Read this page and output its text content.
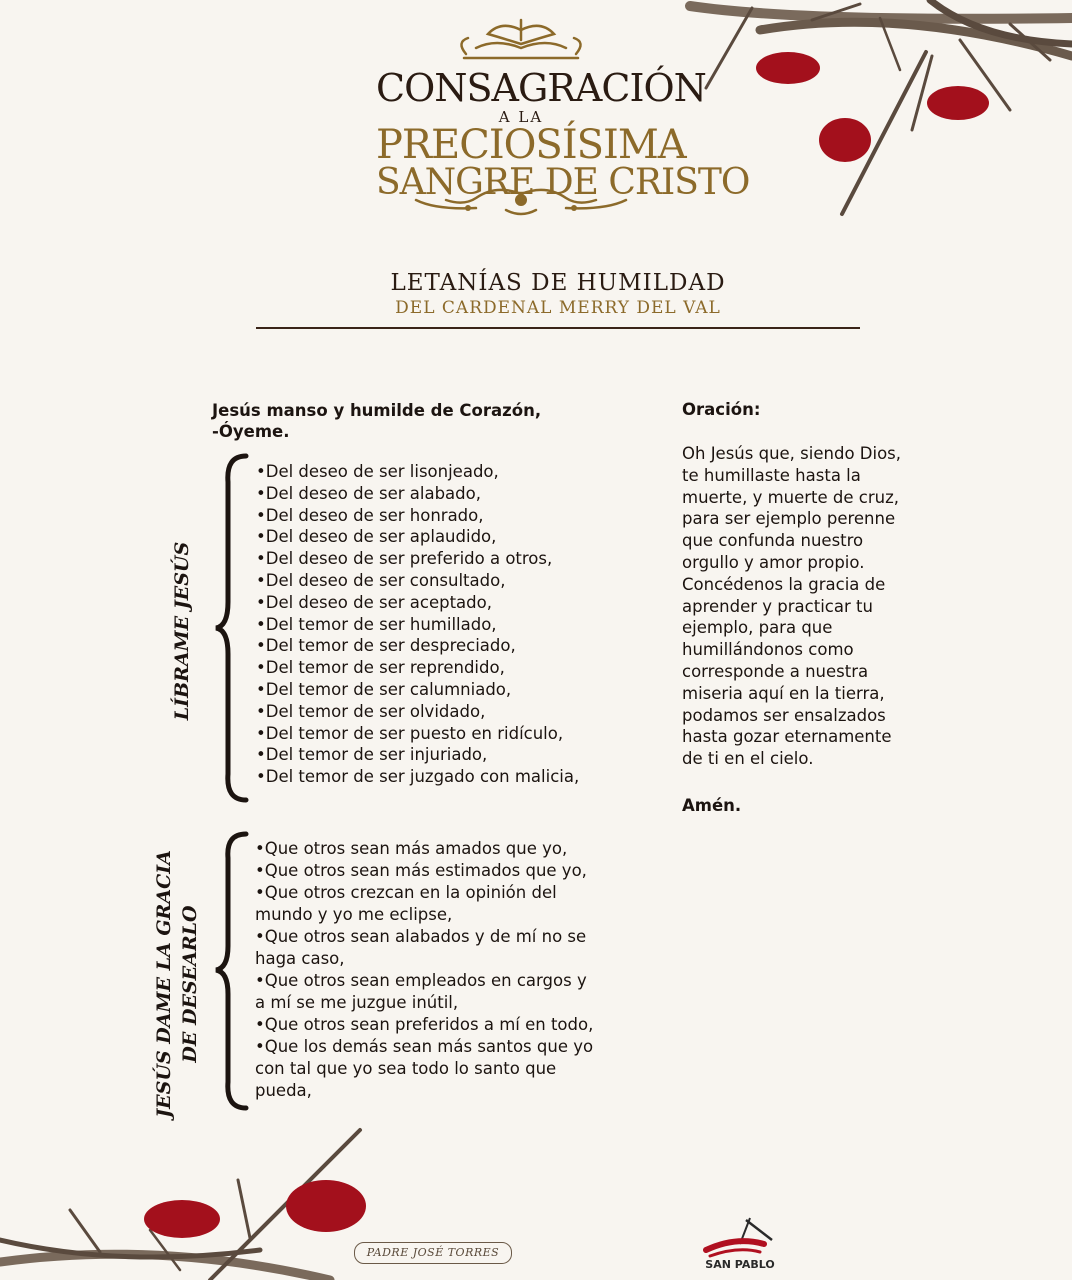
CONSAGRACIÓN
A LA
PRECIOSÍSIMA
SANGRE DE CRISTO
LETANÍAS DE HUMILDAD
DEL CARDENAL MERRY DEL VAL
Jesús manso y humilde de Corazón,
-Óyeme.
LÍBRAME JESÚS
•Del deseo de ser lisonjeado,
•Del deseo de ser alabado,
•Del deseo de ser honrado,
•Del deseo de ser aplaudido,
•Del deseo de ser preferido a otros,
•Del deseo de ser consultado,
•Del deseo de ser aceptado,
•Del temor de ser humillado,
•Del temor de ser despreciado,
•Del temor de ser reprendido,
•Del temor de ser calumniado,
•Del temor de ser olvidado,
•Del temor de ser puesto en ridículo,
•Del temor de ser injuriado,
•Del temor de ser juzgado con malicia,
JESÚS DAME LA GRACIA DE DESEARLO
•Que otros sean más amados que yo,
•Que otros sean más estimados que yo,
•Que otros crezcan en la opinión del
mundo y yo me eclipse,
•Que otros sean alabados y de mí no se
haga caso,
•Que otros sean empleados en cargos y
a mí se me juzgue inútil,
•Que otros sean preferidos a mí en todo,
•Que los demás sean más santos que yo
con tal que yo sea todo lo santo que
pueda,
Oración:
Oh Jesús que, siendo Dios,
te humillaste hasta la
muerte, y muerte de cruz,
para ser ejemplo perenne
que confunda nuestro
orgullo y amor propio.
Concédenos la gracia de
aprender y practicar tu
ejemplo, para que
humillándonos como
corresponde a nuestra
miseria aquí en la tierra,
podamos ser ensalzados
hasta gozar eternamente
de ti en el cielo.
Amén.
PADRE JOSÉ TORRES
SAN PABLO
